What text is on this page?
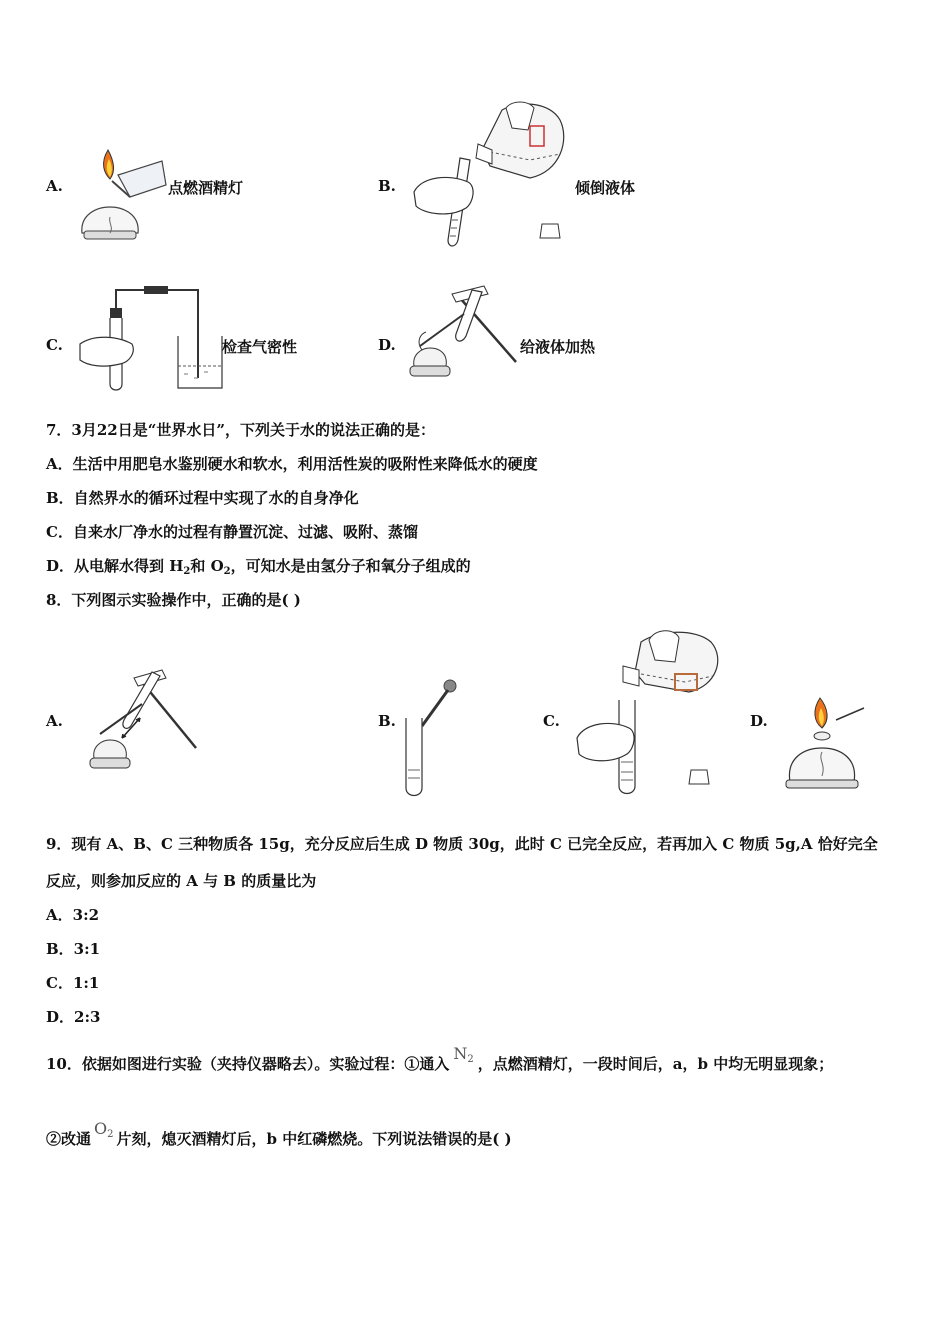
A.	点燃酒精灯	B.	倾倒液体
C.	检查气密性	D.	给液体加热
7．3月22日是“世界水日”，下列关于水的说法正确的是：
A．生活中用肥皂水鉴别硬水和软水，利用活性炭的吸附性来降低水的硬度
B．自然界水的循环过程中实现了水的自身净化
C．自来水厂净水的过程有静置沉淀、过滤、吸附、蒸馏
D．从电解水得到 $H_2$和 $O_2$，可知水是由氢分子和氧分子组成的
8．下列图示实验操作中，正确的是( )
A.	B.	C.	D.
9．现有 A、B、C 三种物质各 15g，充分反应后生成 D 物质 30g，此时 C 已完全反应，若再加入 C 物质 5g,A 恰好完全
反应，则参加反应的 A 与 B 的质量比为
A．3:2
B．3:1
C．1:1
D．2:3
10．依据如图进行实验（夹持仪器略去）。实验过程：①通入$N_2$ ，点燃酒精灯，一段时间后，a，b 中均无明显现象；
②改通$O_2$ 片刻，熄灭酒精灯后，b 中红磷燃烧。下列说法错误的是( )
